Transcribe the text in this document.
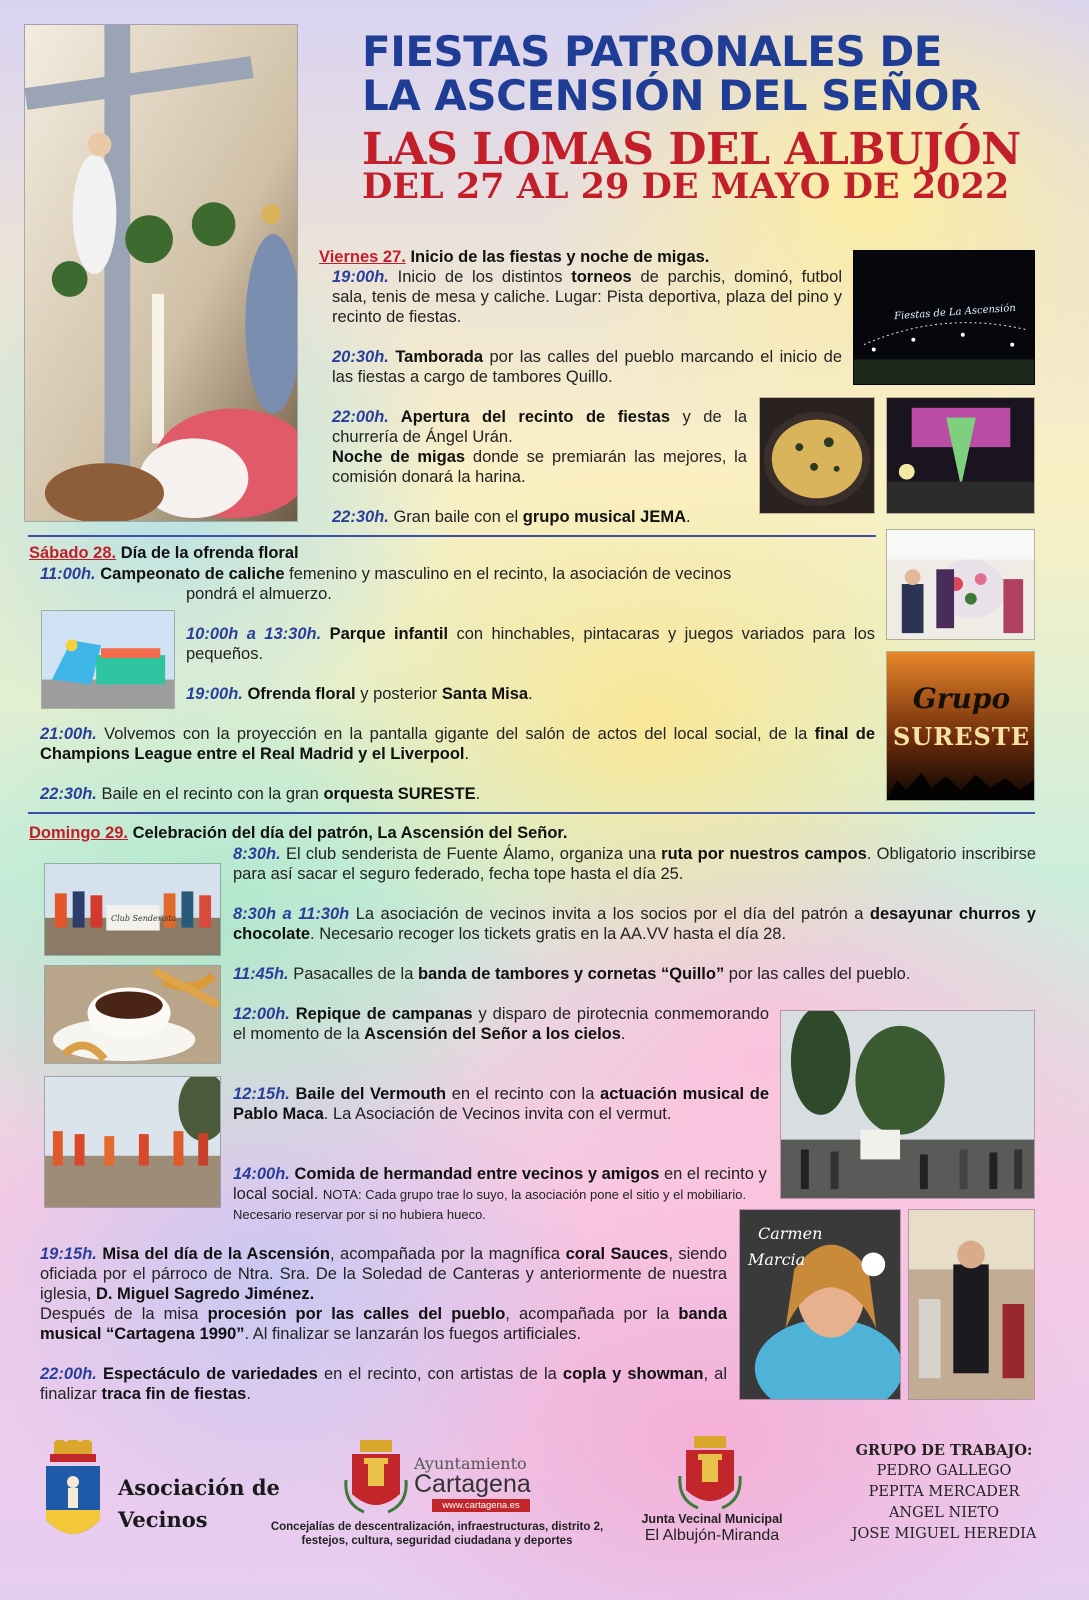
FIESTAS PATRONALES DE
LA ASCENSIÓN DEL SEÑOR
LAS LOMAS DEL ALBUJÓN
DEL 27 AL 29 DE MAYO DE 2022
Viernes 27. Inicio de las fiestas y noche de migas.
19:00h. Inicio de los distintos torneos de parchis, dominó, futbol sala, tenis de mesa y caliche. Lugar: Pista deportiva, plaza del pino y recinto de fiestas.
20:30h. Tamborada por las calles del pueblo marcando el inicio de las fiestas a cargo de tambores Quillo.
22:00h. Apertura del recinto de fiestas y de la churrería de Ángel Urán.
Noche de migas donde se premiarán las mejores, la comisión donará la harina.
22:30h. Gran baile con el grupo musical JEMA.
Fiestas de La Ascensión
Sábado 28. Día de la ofrenda floral
11:00h. Campeonato de caliche femenino y masculino en el recinto, la asociación de vecinos
pondrá el almuerzo.
10:00h a 13:30h. Parque infantil con hinchables, pintacaras y juegos variados para los pequeños.
19:00h. Ofrenda floral y posterior Santa Misa.
21:00h. Volvemos con la proyección en la pantalla gigante del salón de actos del local social, de la final de Champions League entre el Real Madrid y el Liverpool.
22:30h. Baile en el recinto con la gran orquesta SURESTE.
Grupo
SURESTE
Domingo 29. Celebración del día del patrón, La Ascensión del Señor.
Club Senderista
8:30h. El club senderista de Fuente Álamo, organiza una ruta por nuestros campos. Obligatorio inscribirse para así sacar el seguro federado, fecha tope hasta el día 25.
8:30h a 11:30h La asociación de vecinos invita a los socios por el día del patrón a desayunar churros y chocolate. Necesario recoger los tickets gratis en la AA.VV hasta el día 28.
11:45h. Pasacalles de la banda de tambores y cornetas “Quillo” por las calles del pueblo.
12:00h. Repique de campanas y disparo de pirotecnia conmemorando el momento de la Ascensión del Señor a los cielos.
12:15h. Baile del Vermouth en el recinto con la actuación musical de Pablo Maca. La Asociación de Vecinos invita con el vermut.
14:00h. Comida de hermandad entre vecinos y amigos en el recinto y local social. NOTA: Cada grupo trae lo suyo, la asociación pone el sitio y el mobiliario. Necesario reservar por si no hubiera hueco.
Carmen
Marcia
19:15h. Misa del día de la Ascensión, acompañada por la magnífica coral Sauces, siendo oficiada por el párroco de Ntra. Sra. De la Soledad de Canteras y anteriormente de nuestra iglesia, D. Miguel Sagredo Jiménez.
Después de la misa procesión por las calles del pueblo, acompañada por la banda musical “Cartagena 1990”. Al finalizar se lanzarán los fuegos artificiales.
22:00h. Espectáculo de variedades en el recinto, con artistas de la copla y showman, al finalizar traca fin de fiestas.
Asociación de
Vecinos
Ayuntamiento
Cartagena
www.cartagena.es
Concejalías de descentralización, infraestructuras, distrito 2,
festejos, cultura, seguridad ciudadana y deportes
Junta Vecinal Municipal
El Albujón-Miranda
GRUPO DE TRABAJO:
PEDRO GALLEGO
PEPITA MERCADER
ANGEL NIETO
JOSE MIGUEL HEREDIA
